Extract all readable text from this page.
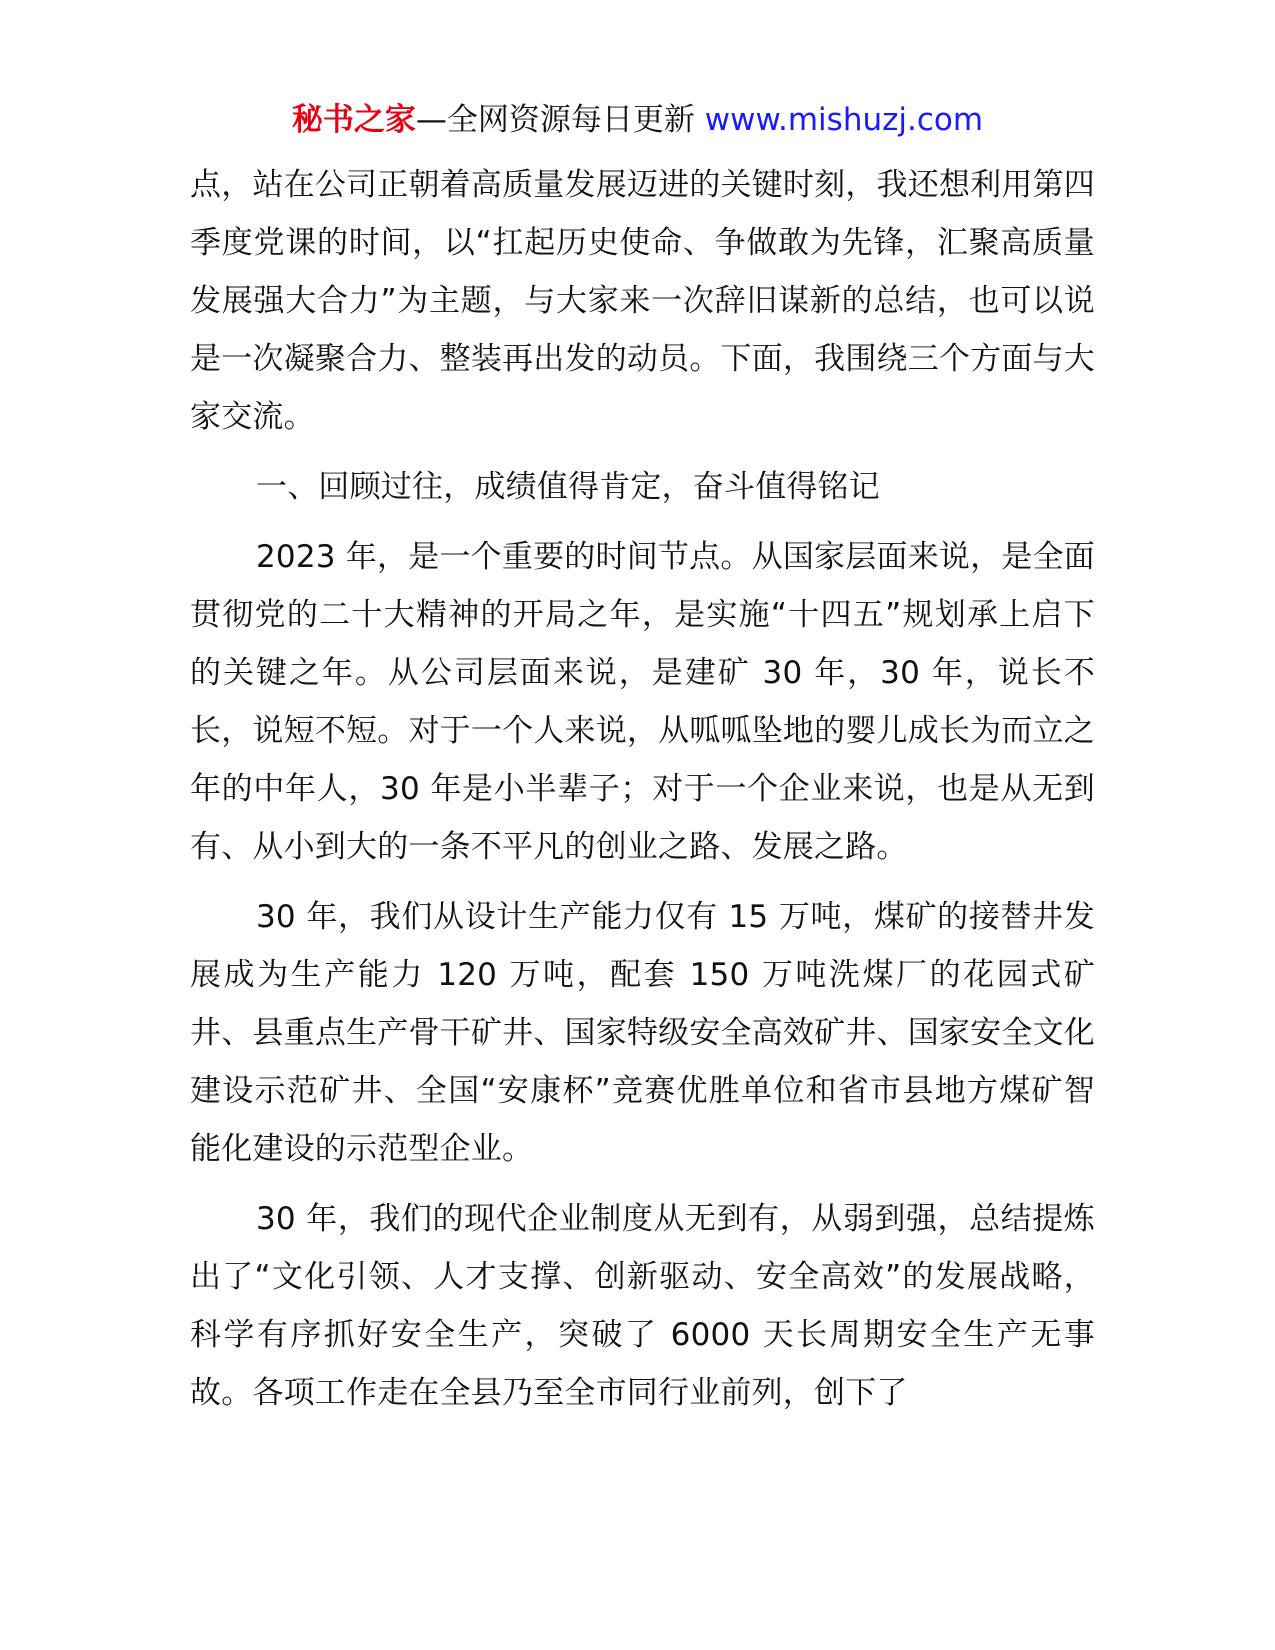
秘书之家—全网资源每日更新 www.mishuzj.com

点，站在公司正朝着高质量发展迈进的关键时刻，我还想利用第四季度党课的时间，以“扛起历史使命、争做敢为先锋，汇聚高质量发展强大合力”为主题，与大家来一次辞旧谋新的总结，也可以说是一次凝聚合力、整装再出发的动员。下面，我围绕三个方面与大家交流。

一、回顾过往，成绩值得肯定，奋斗值得铭记

2023 年，是一个重要的时间节点。从国家层面来说，是全面贯彻党的二十大精神的开局之年，是实施“十四五”规划承上启下的关键之年。从公司层面来说，是建矿 30 年，30 年，说长不长，说短不短。对于一个人来说，从呱呱坠地的婴儿成长为而立之年的中年人，30 年是小半辈子；对于一个企业来说，也是从无到有、从小到大的一条不平凡的创业之路、发展之路。

30 年，我们从设计生产能力仅有 15 万吨，煤矿的接替井发展成为生产能力 120 万吨，配套 150 万吨洗煤厂的花园式矿井、县重点生产骨干矿井、国家特级安全高效矿井、国家安全文化建设示范矿井、全国“安康杯”竞赛优胜单位和省市县地方煤矿智能化建设的示范型企业。

30 年，我们的现代企业制度从无到有，从弱到强，总结提炼出了“文化引领、人才支撑、创新驱动、安全高效”的发展战略，科学有序抓好安全生产，突破了 6000 天长周期安全生产无事故。各项工作走在全县乃至全市同行业前列，创下了
